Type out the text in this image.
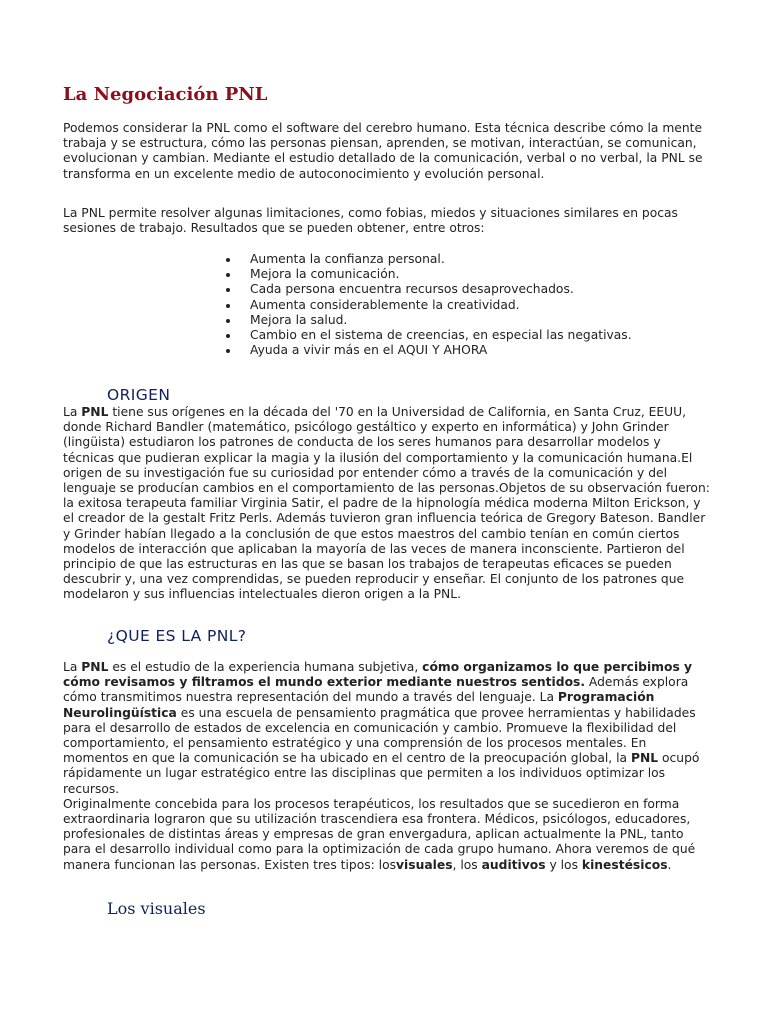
La Negociación PNL

Podemos considerar la PNL como el software del cerebro humano. Esta técnica describe cómo la mente trabaja y se estructura, cómo las personas piensan, aprenden, se motivan, interactúan, se comunican, evolucionan y cambian. Mediante el estudio detallado de la comunicación, verbal o no verbal, la PNL se transforma en un excelente medio de autoconocimiento y evolución personal.

La PNL permite resolver algunas limitaciones, como fobias, miedos y situaciones similares en pocas sesiones de trabajo. Resultados que se pueden obtener, entre otros:

Aumenta la confianza personal.
Mejora la comunicación.
Cada persona encuentra recursos desaprovechados.
Aumenta considerablemente la creatividad.
Mejora la salud.
Cambio en el sistema de creencias, en especial las negativas.
Ayuda a vivir más en el AQUI Y AHORA
ORIGEN

La PNL tiene sus orígenes en la década del '70 en la Universidad de California, en Santa Cruz, EEUU, donde Richard Bandler (matemático, psicólogo gestáltico y experto en informática) y John Grinder (lingüista) estudiaron los patrones de conducta de los seres humanos para desarrollar modelos y técnicas que pudieran explicar la magia y la ilusión del comportamiento y la comunicación humana.El origen de su investigación fue su curiosidad por entender cómo a través de la comunicación y del lenguaje se producían cambios en el comportamiento de las personas.Objetos de su observación fueron: la exitosa terapeuta familiar Virginia Satir, el padre de la hipnología médica moderna Milton Erickson, y el creador de la gestalt Fritz Perls. Además tuvieron gran influencia teórica de Gregory Bateson. Bandler y Grinder habían llegado a la conclusión de que estos maestros del cambio tenían en común ciertos modelos de interacción que aplicaban la mayoría de las veces de manera inconsciente. Partieron del principio de que las estructuras en las que se basan los trabajos de terapeutas eficaces se pueden descubrir y, una vez comprendidas, se pueden reproducir y enseñar. El conjunto de los patrones que modelaron y sus influencias intelectuales dieron origen a la PNL.

¿QUE ES LA PNL?

La PNL es el estudio de la experiencia humana subjetiva, cómo organizamos lo que percibimos y cómo revisamos y filtramos el mundo exterior mediante nuestros sentidos. Además explora cómo transmitimos nuestra representación del mundo a través del lenguaje. La Programación Neurolingüística es una escuela de pensamiento pragmática que provee herramientas y habilidades para el desarrollo de estados de excelencia en comunicación y cambio. Promueve la flexibilidad del comportamiento, el pensamiento estratégico y una comprensión de los procesos mentales. En momentos en que la comunicación se ha ubicado en el centro de la preocupación global, la PNL ocupó rápidamente un lugar estratégico entre las disciplinas que permiten a los individuos optimizar los recursos.
Originalmente concebida para los procesos terapéuticos, los resultados que se sucedieron en forma extraordinaria lograron que su utilización trascendiera esa frontera. Médicos, psicólogos, educadores, profesionales de distintas áreas y empresas de gran envergadura, aplican actualmente la PNL, tanto para el desarrollo individual como para la optimización de cada grupo humano. Ahora veremos de qué manera funcionan las personas. Existen tres tipos: losvisuales, los auditivos y los kinestésicos.

Los visuales
